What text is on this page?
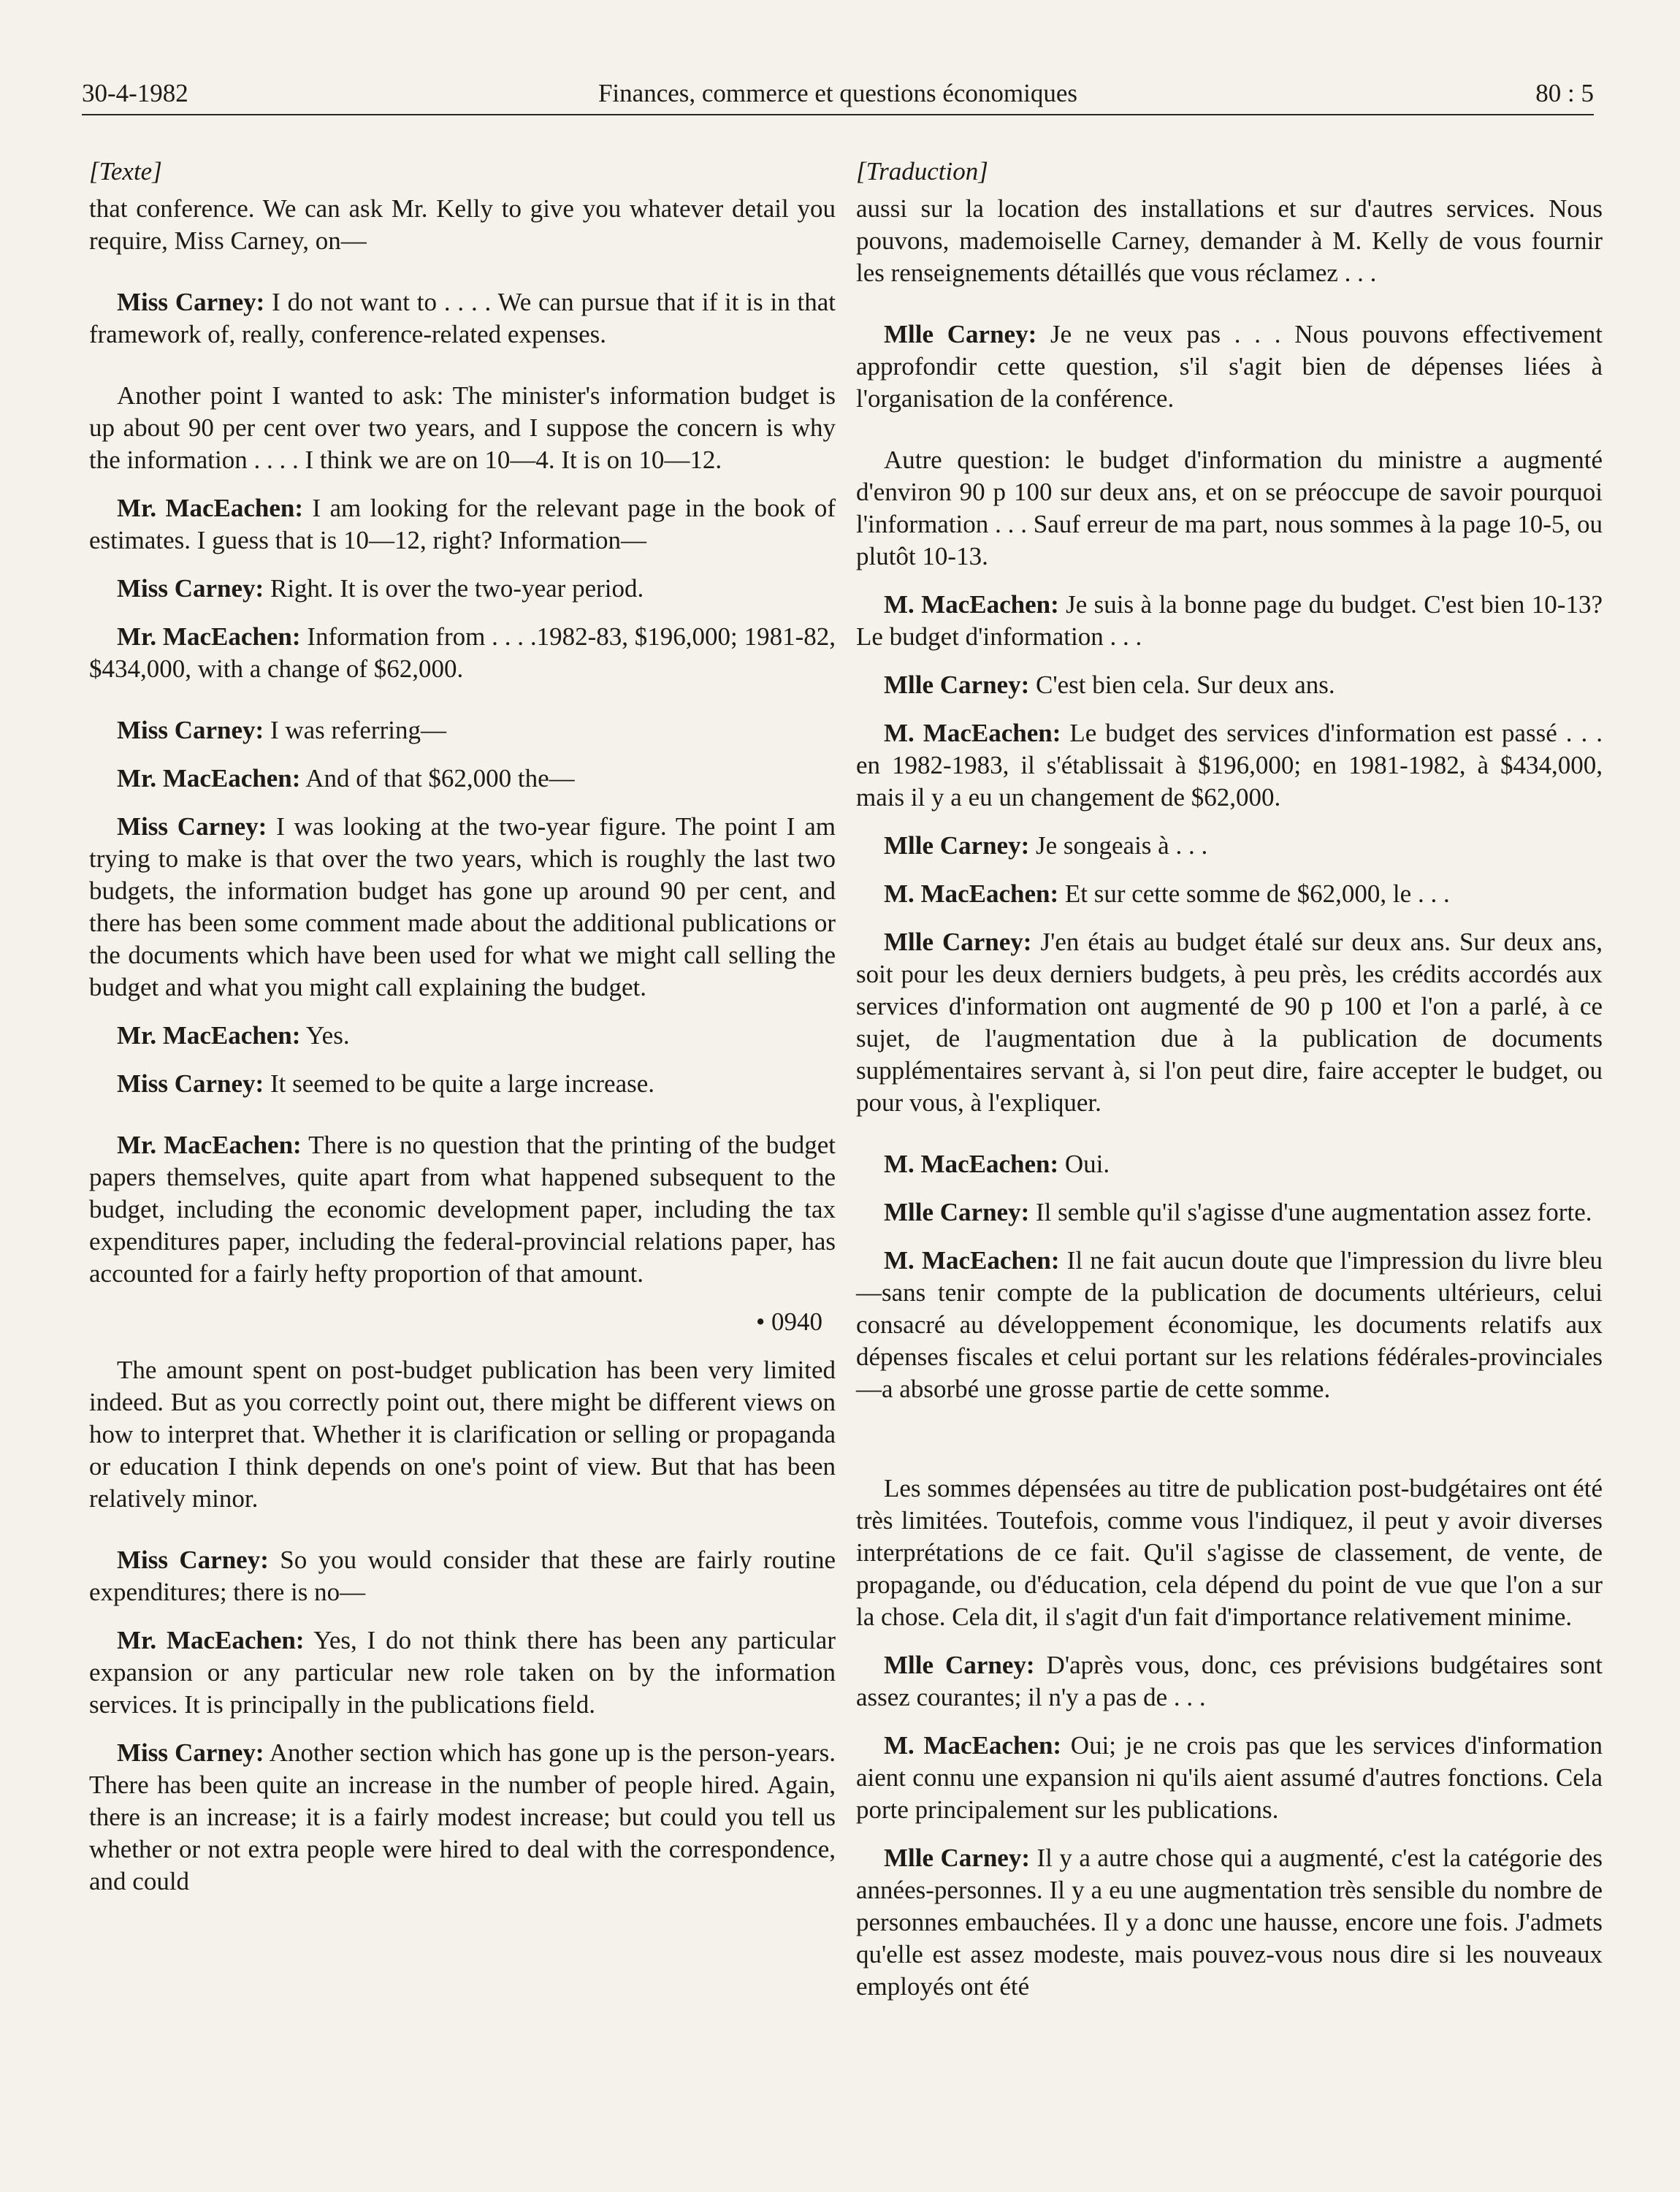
30-4-1982	Finances, commerce et questions économiques	80 : 5
[Texte]

that conference. We can ask Mr. Kelly to give you whatever detail you require, Miss Carney, on—

Miss Carney: I do not want to . . . . We can pursue that if it is in that framework of, really, conference-related expenses.

Another point I wanted to ask: The minister's information budget is up about 90 per cent over two years, and I suppose the concern is why the information . . . . I think we are on 10—4. It is on 10—12.

Mr. MacEachen: I am looking for the relevant page in the book of estimates. I guess that is 10—12, right? Information—

Miss Carney: Right. It is over the two-year period.

Mr. MacEachen: Information from . . . .1982-83, $196,000; 1981-82, $434,000, with a change of $62,000.

Miss Carney: I was referring—

Mr. MacEachen: And of that $62,000 the—

Miss Carney: I was looking at the two-year figure. The point I am trying to make is that over the two years, which is roughly the last two budgets, the information budget has gone up around 90 per cent, and there has been some comment made about the additional publications or the documents which have been used for what we might call selling the budget and what you might call explaining the budget.

Mr. MacEachen: Yes.

Miss Carney: It seemed to be quite a large increase.

Mr. MacEachen: There is no question that the printing of the budget papers themselves, quite apart from what happened subsequent to the budget, including the economic development paper, including the tax expenditures paper, including the federal-provincial relations paper, has accounted for a fairly hefty proportion of that amount.

• 0940

The amount spent on post-budget publication has been very limited indeed. But as you correctly point out, there might be different views on how to interpret that. Whether it is clarification or selling or propaganda or education I think depends on one's point of view. But that has been relatively minor.

Miss Carney: So you would consider that these are fairly routine expenditures; there is no—

Mr. MacEachen: Yes, I do not think there has been any particular expansion or any particular new role taken on by the information services. It is principally in the publications field.

Miss Carney: Another section which has gone up is the person-years. There has been quite an increase in the number of people hired. Again, there is an increase; it is a fairly modest increase; but could you tell us whether or not extra people were hired to deal with the correspondence, and could

[Traduction]

aussi sur la location des installations et sur d'autres services. Nous pouvons, mademoiselle Carney, demander à M. Kelly de vous fournir les renseignements détaillés que vous réclamez . . .

Mlle Carney: Je ne veux pas . . . Nous pouvons effectivement approfondir cette question, s'il s'agit bien de dépenses liées à l'organisation de la conférence.

Autre question: le budget d'information du ministre a augmenté d'environ 90 p 100 sur deux ans, et on se préoccupe de savoir pourquoi l'information . . . Sauf erreur de ma part, nous sommes à la page 10-5, ou plutôt 10-13.

M. MacEachen: Je suis à la bonne page du budget. C'est bien 10-13? Le budget d'information . . .

Mlle Carney: C'est bien cela. Sur deux ans.

M. MacEachen: Le budget des services d'information est passé . . . en 1982-1983, il s'établissait à $196,000; en 1981-1982, à $434,000, mais il y a eu un changement de $62,000.

Mlle Carney: Je songeais à . . .

M. MacEachen: Et sur cette somme de $62,000, le . . .

Mlle Carney: J'en étais au budget étalé sur deux ans. Sur deux ans, soit pour les deux derniers budgets, à peu près, les crédits accordés aux services d'information ont augmenté de 90 p 100 et l'on a parlé, à ce sujet, de l'augmentation due à la publication de documents supplémentaires servant à, si l'on peut dire, faire accepter le budget, ou pour vous, à l'expliquer.

M. MacEachen: Oui.

Mlle Carney: Il semble qu'il s'agisse d'une augmentation assez forte.

M. MacEachen: Il ne fait aucun doute que l'impression du livre bleu—sans tenir compte de la publication de documents ultérieurs, celui consacré au développement économique, les documents relatifs aux dépenses fiscales et celui portant sur les relations fédérales-provinciales—a absorbé une grosse partie de cette somme.

Les sommes dépensées au titre de publication post-budgétaires ont été très limitées. Toutefois, comme vous l'indiquez, il peut y avoir diverses interprétations de ce fait. Qu'il s'agisse de classement, de vente, de propagande, ou d'éducation, cela dépend du point de vue que l'on a sur la chose. Cela dit, il s'agit d'un fait d'importance relativement minime.

Mlle Carney: D'après vous, donc, ces prévisions budgétaires sont assez courantes; il n'y a pas de . . .

M. MacEachen: Oui; je ne crois pas que les services d'information aient connu une expansion ni qu'ils aient assumé d'autres fonctions. Cela porte principalement sur les publications.

Mlle Carney: Il y a autre chose qui a augmenté, c'est la catégorie des années-personnes. Il y a eu une augmentation très sensible du nombre de personnes embauchées. Il y a donc une hausse, encore une fois. J'admets qu'elle est assez modeste, mais pouvez-vous nous dire si les nouveaux employés ont été
